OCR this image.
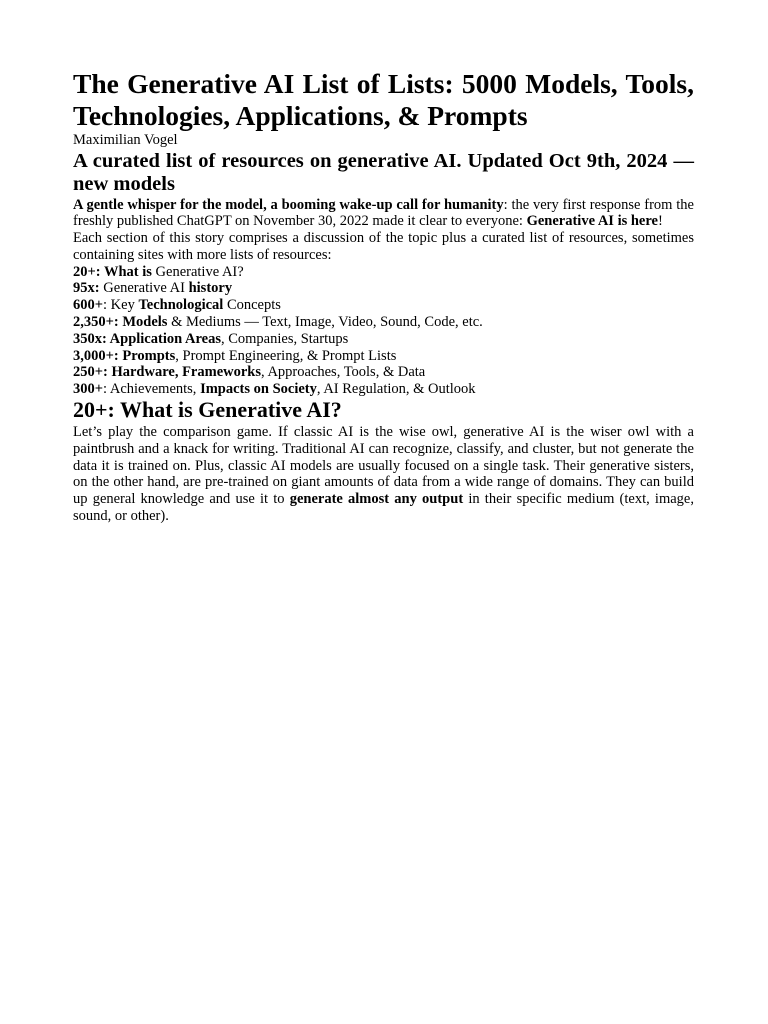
The Generative AI List of Lists: 5000 Models, Tools, Technologies, Applications, & Prompts
Maximilian Vogel
A curated list of resources on generative AI. Updated Oct 9th, 2024 — new models

A gentle whisper for the model, a booming wake-up call for humanity: the very first response from the freshly published ChatGPT on November 30, 2022 made it clear to everyone: Generative AI is here!

Each section of this story comprises a discussion of the topic plus a curated list of resources, sometimes containing sites with more lists of resources:

20+: What is Generative AI?
95x: Generative AI history
600+: Key Technological Concepts
2,350+: Models & Mediums — Text, Image, Video, Sound, Code, etc.
350x: Application Areas, Companies, Startups
3,000+: Prompts, Prompt Engineering, & Prompt Lists
250+: Hardware, Frameworks, Approaches, Tools, & Data
300+: Achievements, Impacts on Society, AI Regulation, & Outlook
20+: What is Generative AI?

Let’s play the comparison game. If classic AI is the wise owl, generative AI is the wiser owl with a paintbrush and a knack for writing. Traditional AI can recognize, classify, and cluster, but not generate the data it is trained on. Plus, classic AI models are usually focused on a single task. Their generative sisters, on the other hand, are pre-trained on giant amounts of data from a wide range of domains. They can build up general knowledge and use it to generate almost any output in their specific medium (text, image, sound, or other).
